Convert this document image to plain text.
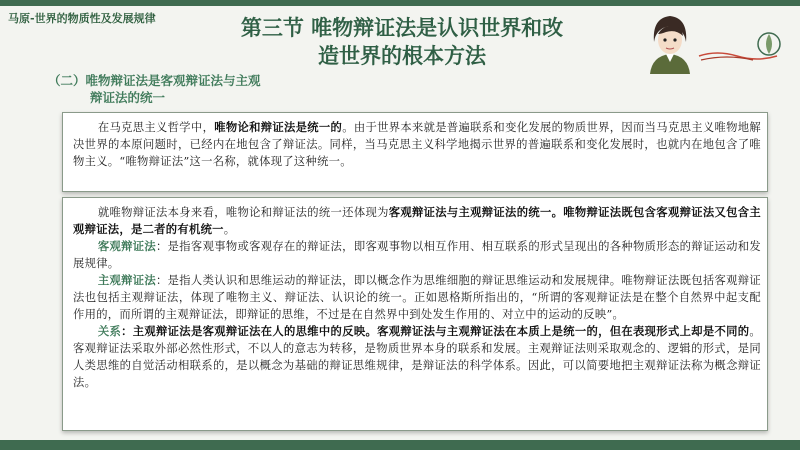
马原-世界的物质性及发展规律	第三节 唯物辩证法是认识世界和改
造世界的根本方法
（二）唯物辩证法是客观辩证法与主观
辩证法的统一

在马克思主义哲学中，唯物论和辩证法是统一的。由于世界本来就是普遍联系和变化发展的物质世界，因而当马克思主义唯物地解决世界的本原问题时，已经内在地包含了辩证法。同样，当马克思主义科学地揭示世界的普遍联系和变化发展时，也就内在地包含了唯物主义。“唯物辩证法”这一名称，就体现了这种统一。

就唯物辩证法本身来看，唯物论和辩证法的统一还体现为客观辩证法与主观辩证法的统一。唯物辩证法既包含客观辩证法又包含主观辩证法，是二者的有机统一。

客观辩证法：是指客观事物或客观存在的辩证法，即客观事物以相互作用、相互联系的形式呈现出的各种物质形态的辩证运动和发展规律。

主观辩证法：是指人类认识和思维运动的辩证法，即以概念作为思维细胞的辩证思维运动和发展规律。唯物辩证法既包括客观辩证法也包括主观辩证法，体现了唯物主义、辩证法、认识论的统一。正如恩格斯所指出的，“所谓的客观辩证法是在整个自然界中起支配作用的，而所谓的主观辩证法，即辩证的思维，不过是在自然界中到处发生作用的、对立中的运动的反映”。

关系：主观辩证法是客观辩证法在人的思维中的反映。客观辩证法与主观辩证法在本质上是统一的，但在表现形式上却是不同的。客观辩证法采取外部必然性形式，不以人的意志为转移，是物质世界本身的联系和发展。主观辩证法则采取观念的、逻辑的形式，是同人类思维的自觉活动相联系的，是以概念为基础的辩证思维规律，是辩证法的科学体系。因此，可以简要地把主观辩证法称为概念辩证法。
